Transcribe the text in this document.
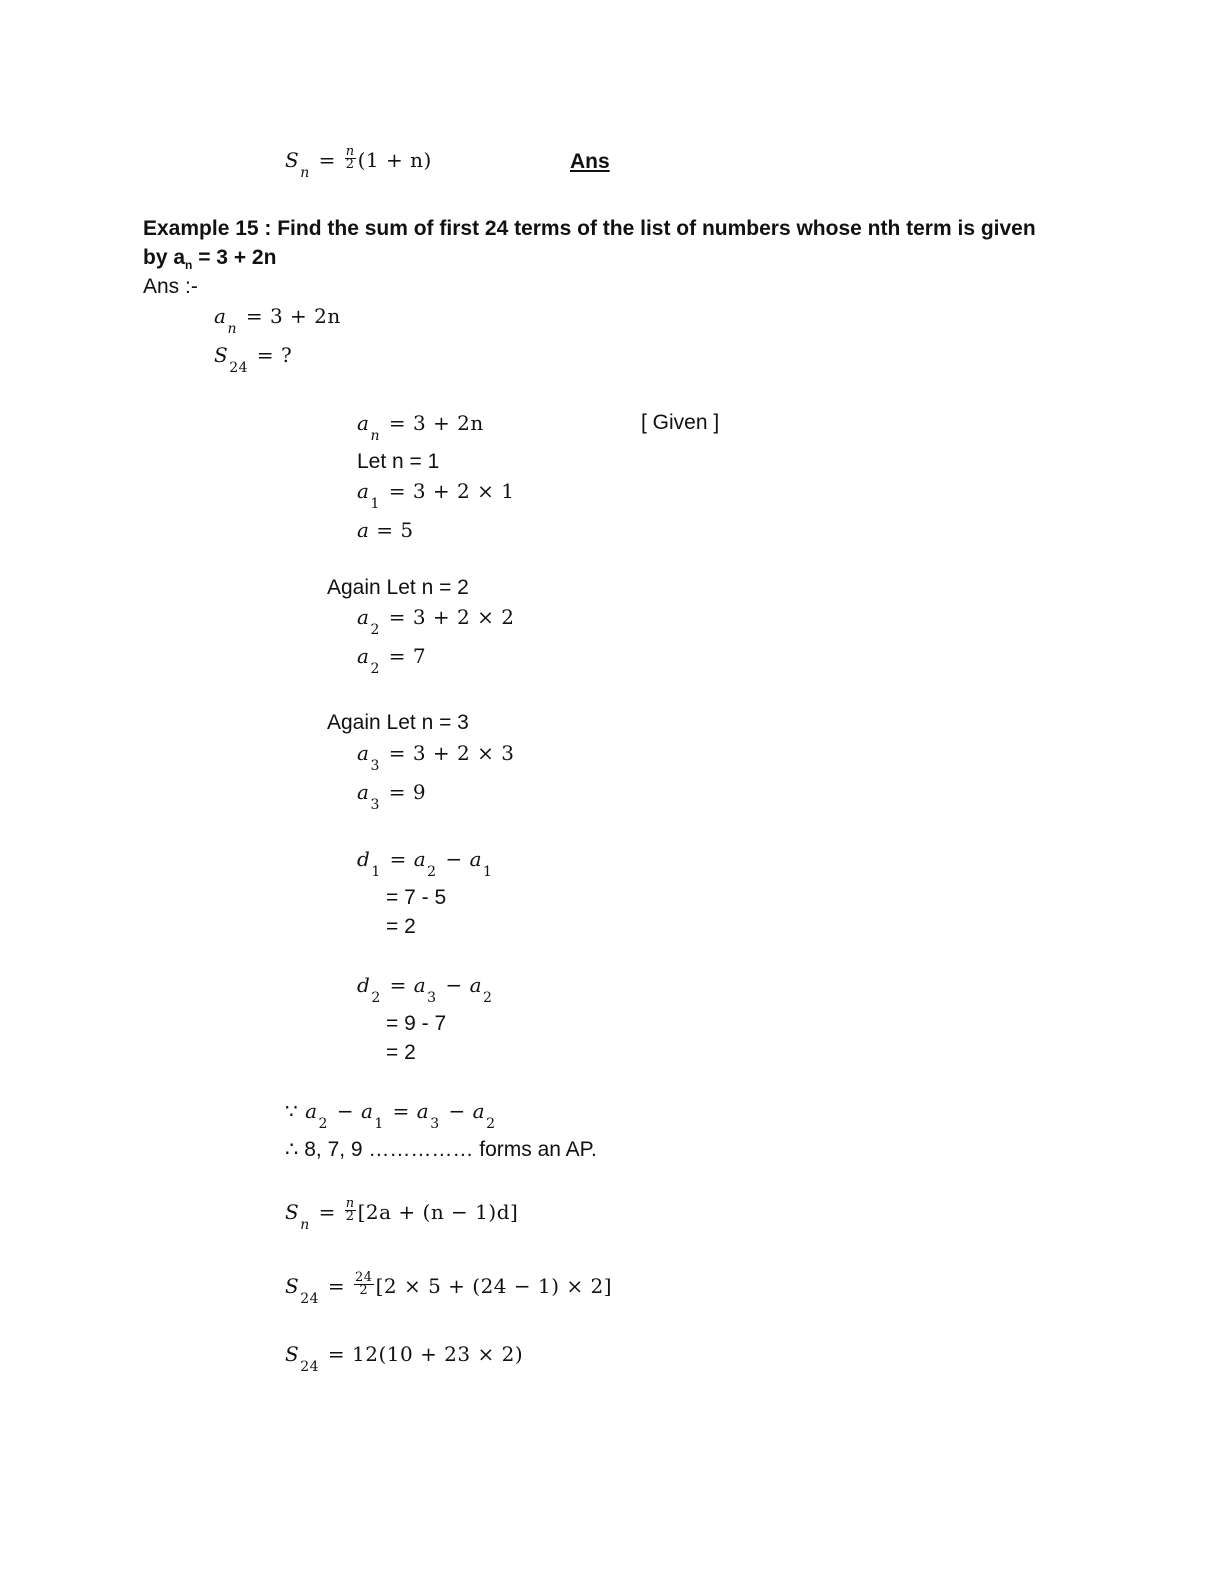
$S_n = \frac{n}{2} (1 + n)$	Ans
Example 15 : Find the sum of first 24 terms of the list of numbers whose nth term is given
by $a_n = 3 + 2n$
Ans :-
$a_n = 3 + 2n$
$S_{24}$ = ?
$a_n = 3 + 2n$	[ Given ]
Let n = 1
$a_1 = 3 + 2 \times 1$
a = 5
Again Let n = 2
$a_2 = 3 + 2 \times 2$
$a_2 = 7$
Again Let n = 3
$a_3 = 3 + 2 \times 3$
$a_3 = 9$
$d_1 = a_2 - a_1$
= 7 - 5
= 2
$d_2 = a_3 - a_2$
= 9 - 7
= 2
∵ $a_2 - a_1 = a_3 - a_2$
∴ 8, 7, 9 …………… forms an AP.
$S_n = \frac{n}{2} [2a + (n - 1)d]$
$S_{24} = \frac{24}{2} [2 \times 5 + (24 - 1) \times 2]$
$S_{24} = 12(10 + 23 \times 2)$
